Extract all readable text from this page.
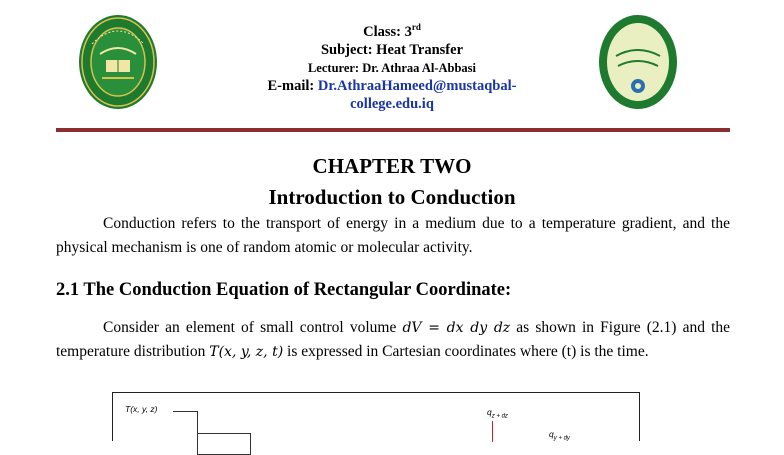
Class: 3rd
Subject: Heat Transfer
Lecturer: Dr. Athraa Al-Abbasi
E-mail: Dr.AthraaHameed@mustaqbal-
college.edu.iq
CHAPTER TWO
Introduction to Conduction
Conduction refers to the transport of energy in a medium due to a temperature gradient, and the physical mechanism is one of random atomic or molecular activity.
2.1 The Conduction Equation of Rectangular Coordinate:
Consider an element of small control volume dV = dx dy dz as shown in Figure (2.1) and the temperature distribution T(x, y, z, t) is expressed in Cartesian coordinates where (t) is the time.
T(x, y, z)	$q_{z + dz}$
$q_{y + dy}$
